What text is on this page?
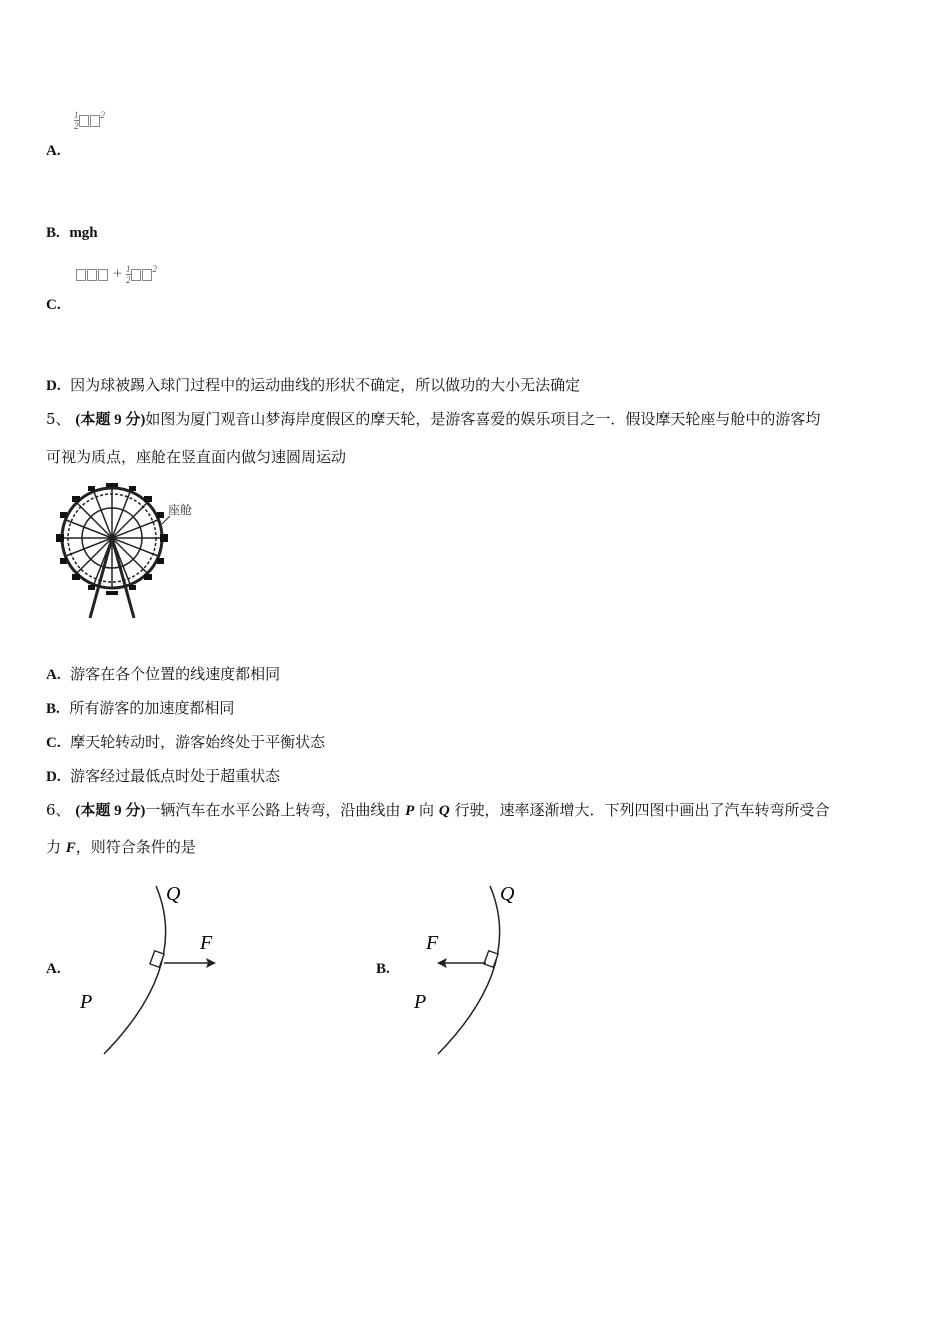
$\frac{1}{2} ^2$
A.
B. mgh
+ $\frac{1}{2} ^2$
C.
D. 因为球被踢入球门过程中的运动曲线的形状不确定，所以做功的大小无法确定
5、 (本题 9 分)如图为厦门观音山梦海岸度假区的摩天轮，是游客喜爱的娱乐项目之一．假设摩天轮座与舱中的游客均
可视为质点，座舱在竖直面内做匀速圆周运动
座舱
A. 游客在各个位置的线速度都相同
B. 所有游客的加速度都相同
C. 摩天轮转动时，游客始终处于平衡状态
D. 游客经过最低点时处于超重状态
6、 (本题 9 分)一辆汽车在水平公路上转弯，沿曲线由 P 向 Q 行驶，速率逐渐增大．下列四图中画出了汽车转弯所受合
力 F，则符合条件的是
A.
Q
F
P
B.
Q
F
P
